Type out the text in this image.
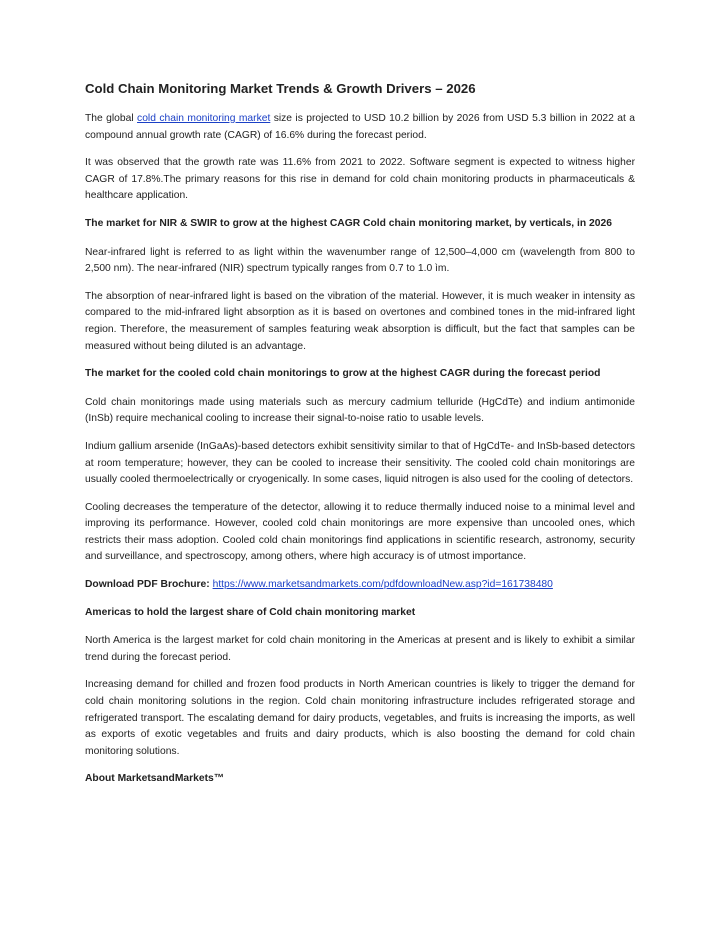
Cold Chain Monitoring Market Trends & Growth Drivers – 2026

The global cold chain monitoring market size is projected to USD 10.2 billion by 2026 from USD 5.3 billion in 2022 at a compound annual growth rate (CAGR) of 16.6% during the forecast period.

It was observed that the growth rate was 11.6% from 2021 to 2022. Software segment is expected to witness higher CAGR of 17.8%.The primary reasons for this rise in demand for cold chain monitoring products in pharmaceuticals & healthcare application.

The market for NIR & SWIR to grow at the highest CAGR Cold chain monitoring market, by verticals, in 2026

Near-infrared light is referred to as light within the wavenumber range of 12,500–4,000 cm (wavelength from 800 to 2,500 nm). The near-infrared (NIR) spectrum typically ranges from 0.7 to 1.0 ìm.

The absorption of near-infrared light is based on the vibration of the material. However, it is much weaker in intensity as compared to the mid-infrared light absorption as it is based on overtones and combined tones in the mid-infrared light region. Therefore, the measurement of samples featuring weak absorption is difficult, but the fact that samples can be measured without being diluted is an advantage.

The market for the cooled cold chain monitorings to grow at the highest CAGR during the forecast period

Cold chain monitorings made using materials such as mercury cadmium telluride (HgCdTe) and indium antimonide (InSb) require mechanical cooling to increase their signal-to-noise ratio to usable levels.

Indium gallium arsenide (InGaAs)-based detectors exhibit sensitivity similar to that of HgCdTe- and InSb-based detectors at room temperature; however, they can be cooled to increase their sensitivity. The cooled cold chain monitorings are usually cooled thermoelectrically or cryogenically. In some cases, liquid nitrogen is also used for the cooling of detectors.

Cooling decreases the temperature of the detector, allowing it to reduce thermally induced noise to a minimal level and improving its performance. However, cooled cold chain monitorings are more expensive than uncooled ones, which restricts their mass adoption. Cooled cold chain monitorings find applications in scientific research, astronomy, security and surveillance, and spectroscopy, among others, where high accuracy is of utmost importance.

Download PDF Brochure: https://www.marketsandmarkets.com/pdfdownloadNew.asp?id=161738480

Americas to hold the largest share of Cold chain monitoring market

North America is the largest market for cold chain monitoring in the Americas at present and is likely to exhibit a similar trend during the forecast period.

Increasing demand for chilled and frozen food products in North American countries is likely to trigger the demand for cold chain monitoring solutions in the region. Cold chain monitoring infrastructure includes refrigerated storage and refrigerated transport. The escalating demand for dairy products, vegetables, and fruits is increasing the imports, as well as exports of exotic vegetables and fruits and dairy products, which is also boosting the demand for cold chain monitoring solutions.

About MarketsandMarkets™
